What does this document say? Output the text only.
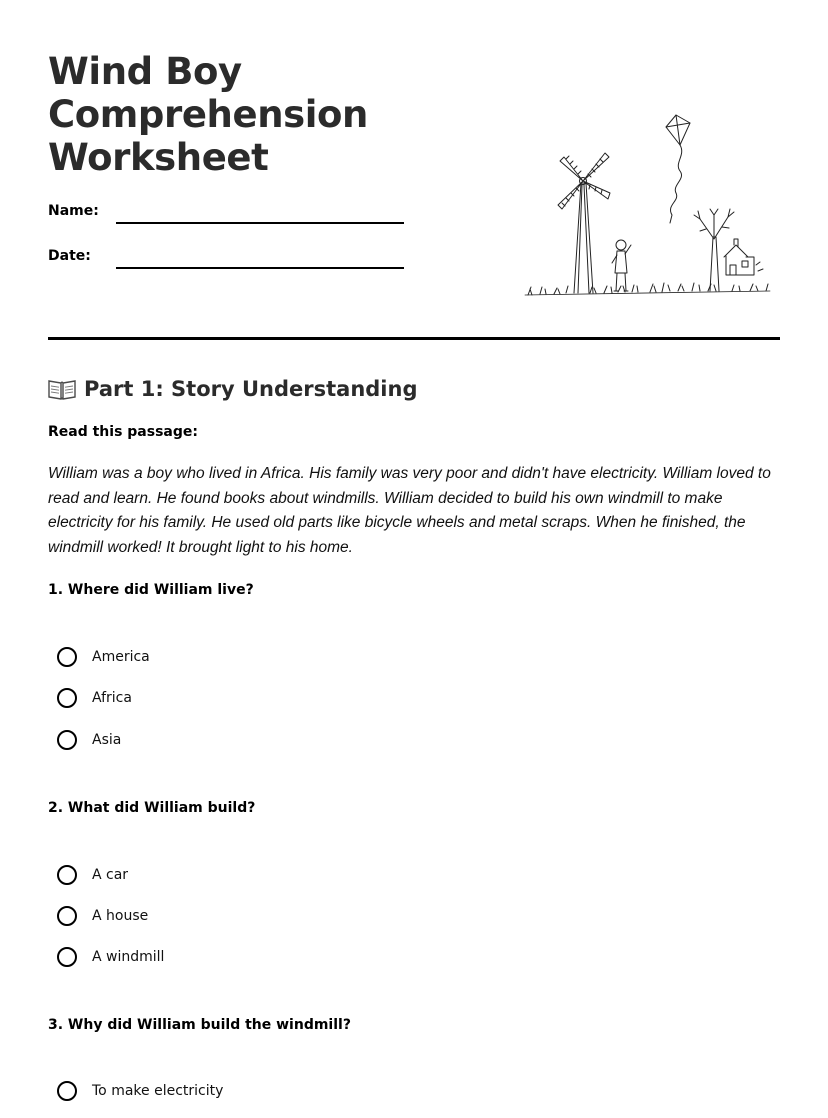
Wind Boy
Comprehension
Worksheet
Name:
Date:
Part 1: Story Understanding
Read this passage:

William was a boy who lived in Africa. His family was very poor and didn't have electricity. William loved to read and learn. He found books about windmills. William decided to build his own windmill to make electricity for his family. He used old parts like bicycle wheels and metal scraps. When he finished, the windmill worked! It brought light to his home.

1. Where did William live?
America
Africa
Asia
2. What did William build?
A car
A house
A windmill
3. Why did William build the windmill?
To make electricity
